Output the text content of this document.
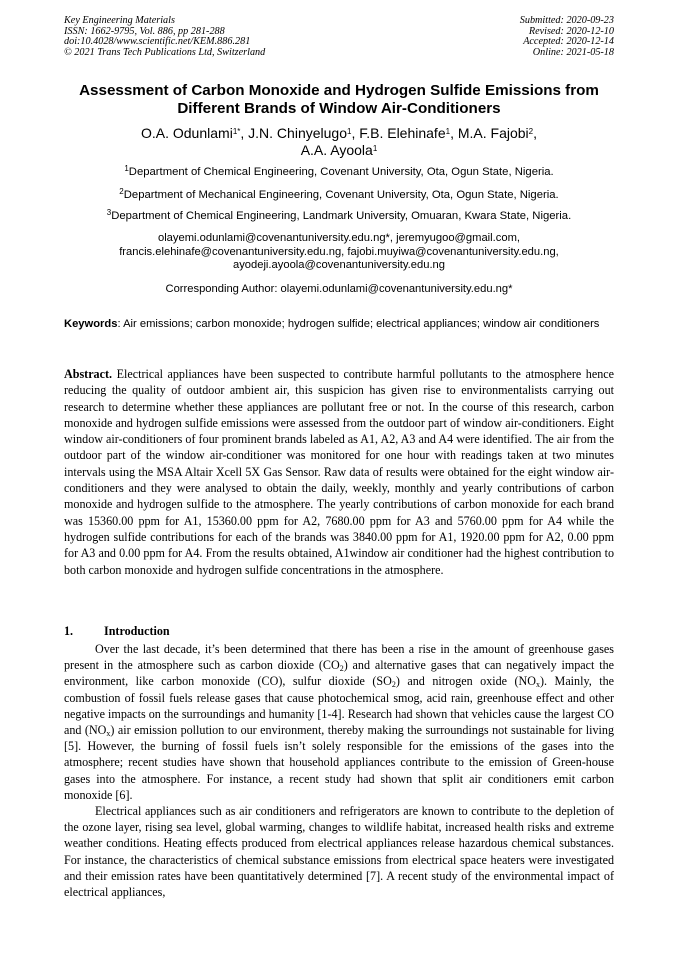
Key Engineering Materials
ISSN: 1662-9795, Vol. 886, pp 281-288
doi:10.4028/www.scientific.net/KEM.886.281
© 2021 Trans Tech Publications Ltd, Switzerland
Submitted: 2020-09-23
Revised: 2020-12-10
Accepted: 2020-12-14
Online: 2021-05-18
Assessment of Carbon Monoxide and Hydrogen Sulfide Emissions from
Different Brands of Window Air-Conditioners
O.A. Odunlami$^{1*}$, J.N. Chinyelugo$^1$, F.B. Elehinafe$^1$, M.A. Fajobi$^2$,
A.A. Ayoola$^1$
$^1$Department of Chemical Engineering, Covenant University, Ota, Ogun State, Nigeria.
$^2$Department of Mechanical Engineering, Covenant University, Ota, Ogun State, Nigeria.
$^3$Department of Chemical Engineering, Landmark University, Omuaran, Kwara State, Nigeria.
olayemi.odunlami@covenantuniversity.edu.ng*, jeremyugoo@gmail.com,
francis.elehinafe@covenantuniversity.edu.ng, fajobi.muyiwa@covenantuniversity.edu.ng,
ayodeji.ayoola@covenantuniversity.edu.ng
Corresponding Author: olayemi.odunlami@covenantuniversity.edu.ng*
Keywords: Air emissions; carbon monoxide; hydrogen sulfide; electrical appliances; window air conditioners
Abstract. Electrical appliances have been suspected to contribute harmful pollutants to the atmosphere hence reducing the quality of outdoor ambient air, this suspicion has given rise to environmentalists carrying out research to determine whether these appliances are pollutant free or not. In the course of this research, carbon monoxide and hydrogen sulfide emissions were assessed from the outdoor part of window air-conditioners. Eight window air-conditioners of four prominent brands labeled as A1, A2, A3 and A4 were identified. The air from the outdoor part of the window air-conditioner was monitored for one hour with readings taken at two minutes intervals using the MSA Altair Xcell 5X Gas Sensor. Raw data of results were obtained for the eight window air-conditioners and they were analysed to obtain the daily, weekly, monthly and yearly contributions of carbon monoxide and hydrogen sulfide to the atmosphere. The yearly contributions of carbon monoxide for each brand was 15360.00 ppm for A1, 15360.00 ppm for A2, 7680.00 ppm for A3 and 5760.00 ppm for A4 while the hydrogen sulfide contributions for each of the brands was 3840.00 ppm for A1, 1920.00 ppm for A2, 0.00 ppm for A3 and 0.00 ppm for A4. From the results obtained, A1window air conditioner had the highest contribution to both carbon monoxide and hydrogen sulfide concentrations in the atmosphere.
1.	Introduction

Over the last decade, it’s been determined that there has been a rise in the amount of greenhouse gases present in the atmosphere such as carbon dioxide $(CO_2)$ and alternative gases that can negatively impact the environment, like carbon monoxide (CO), sulfur dioxide $(SO_2)$ and nitrogen oxide $(NO_x)$. Mainly, the combustion of fossil fuels release gases that cause photochemical smog, acid rain, greenhouse effect and other negative impacts on the surroundings and humanity [1-4]. Research had shown that vehicles cause the largest CO and $(NO_x)$ air emission pollution to our environment, thereby making the surroundings not sustainable for living [5]. However, the burning of fossil fuels isn’t solely responsible for the emissions of the gases into the atmosphere; recent studies have shown that household appliances contribute to the emission of Green-house gases into the atmosphere. For instance, a recent study had shown that split air conditioners emit carbon monoxide [6].

Electrical appliances such as air conditioners and refrigerators are known to contribute to the depletion of the ozone layer, rising sea level, global warming, changes to wildlife habitat, increased health risks and extreme weather conditions. Heating effects produced from electrical appliances release hazardous chemical substances. For instance, the characteristics of chemical substance emissions from electrical space heaters were investigated and their emission rates have been quantitatively determined [7]. A recent study of the environmental impact of electrical appliances,
